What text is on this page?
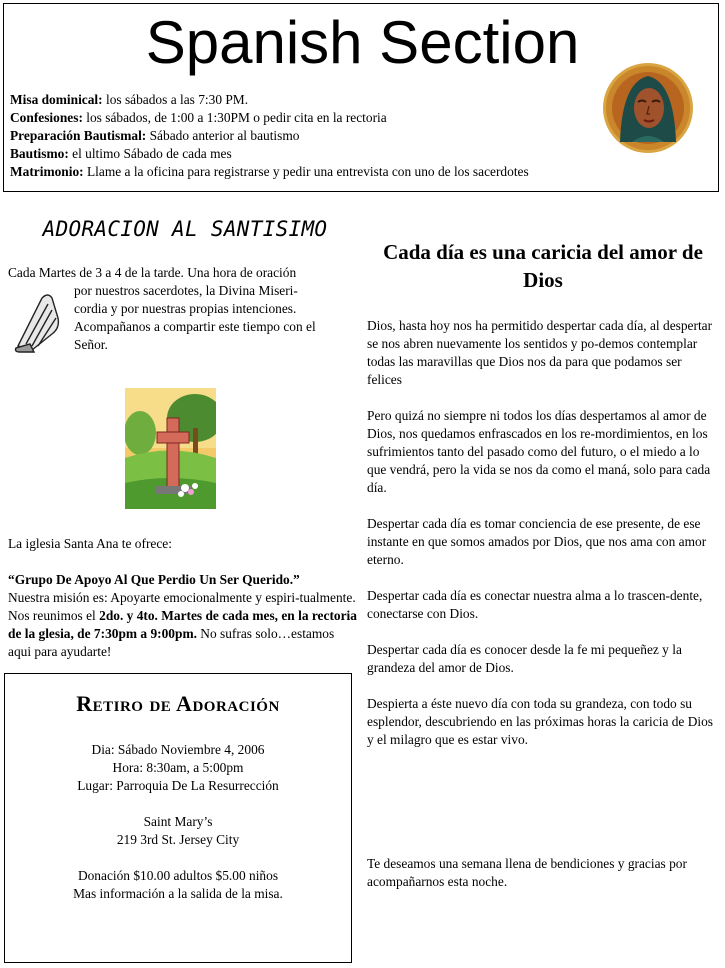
Spanish Section
Misa dominical: los sábados a las 7:30 PM.
Confesiones: los sábados, de 1:00 a 1:30PM o pedir cita en la rectoria
Preparación Bautismal: Sábado anterior al bautismo
Bautismo: el ultimo Sábado de cada mes
Matrimonio: Llame a la oficina para registrarse y pedir una entrevista con uno de los sacerdotes
ADORACION AL SANTISIMO
Cada Martes de 3 a 4 de la tarde. Una hora de oración
por nuestros sacerdotes, la Divina Miseri-
cordia y por nuestras propias intenciones.
Acompañanos a compartir este tiempo con el
Señor.
La iglesia Santa Ana te ofrece:
“Grupo De Apoyo Al Que Perdio Un Ser Querido.”
Nuestra misión es: Apoyarte emocionalmente y espiri-tualmente. Nos reunimos el 2do. y 4to. Martes de cada mes, en la rectoria de la glesia, de 7:30pm a 9:00pm. No sufras solo…estamos aqui para ayudarte!
Retiro de Adoración
Dia: Sábado Noviembre 4, 2006
Hora: 8:30am, a 5:00pm
Lugar: Parroquia De La Resurrección
Saint Mary’s
219 3rd St. Jersey City
Donación $10.00 adultos $5.00 niños
Mas información a la salida de la misa.
Cada día es una caricia del amor de Dios

Dios, hasta hoy nos ha permitido despertar cada día, al despertar se nos abren nuevamente los sentidos y po-demos contemplar todas las maravillas que Dios nos da para que podamos ser felices

Pero quizá no siempre ni todos los días despertamos al amor de Dios, nos quedamos enfrascados en los re-mordimientos, en los sufrimientos tanto del pasado como del futuro, o el miedo a lo que vendrá, pero la vida se nos da como el maná, solo para cada día.

Despertar cada día es tomar conciencia de ese presente, de ese instante en que somos amados por Dios, que nos ama con amor eterno.

Despertar cada día es conectar nuestra alma a lo trascen-dente, conectarse con Dios.

Despertar cada día es conocer desde la fe mi pequeñez y la grandeza del amor de Dios.

Despierta a éste nuevo día con toda su grandeza, con todo su esplendor, descubriendo en las próximas horas la caricia de Dios y el milagro que es estar vivo.

Te deseamos una semana llena de bendiciones y gracias por acompañarnos esta noche.
